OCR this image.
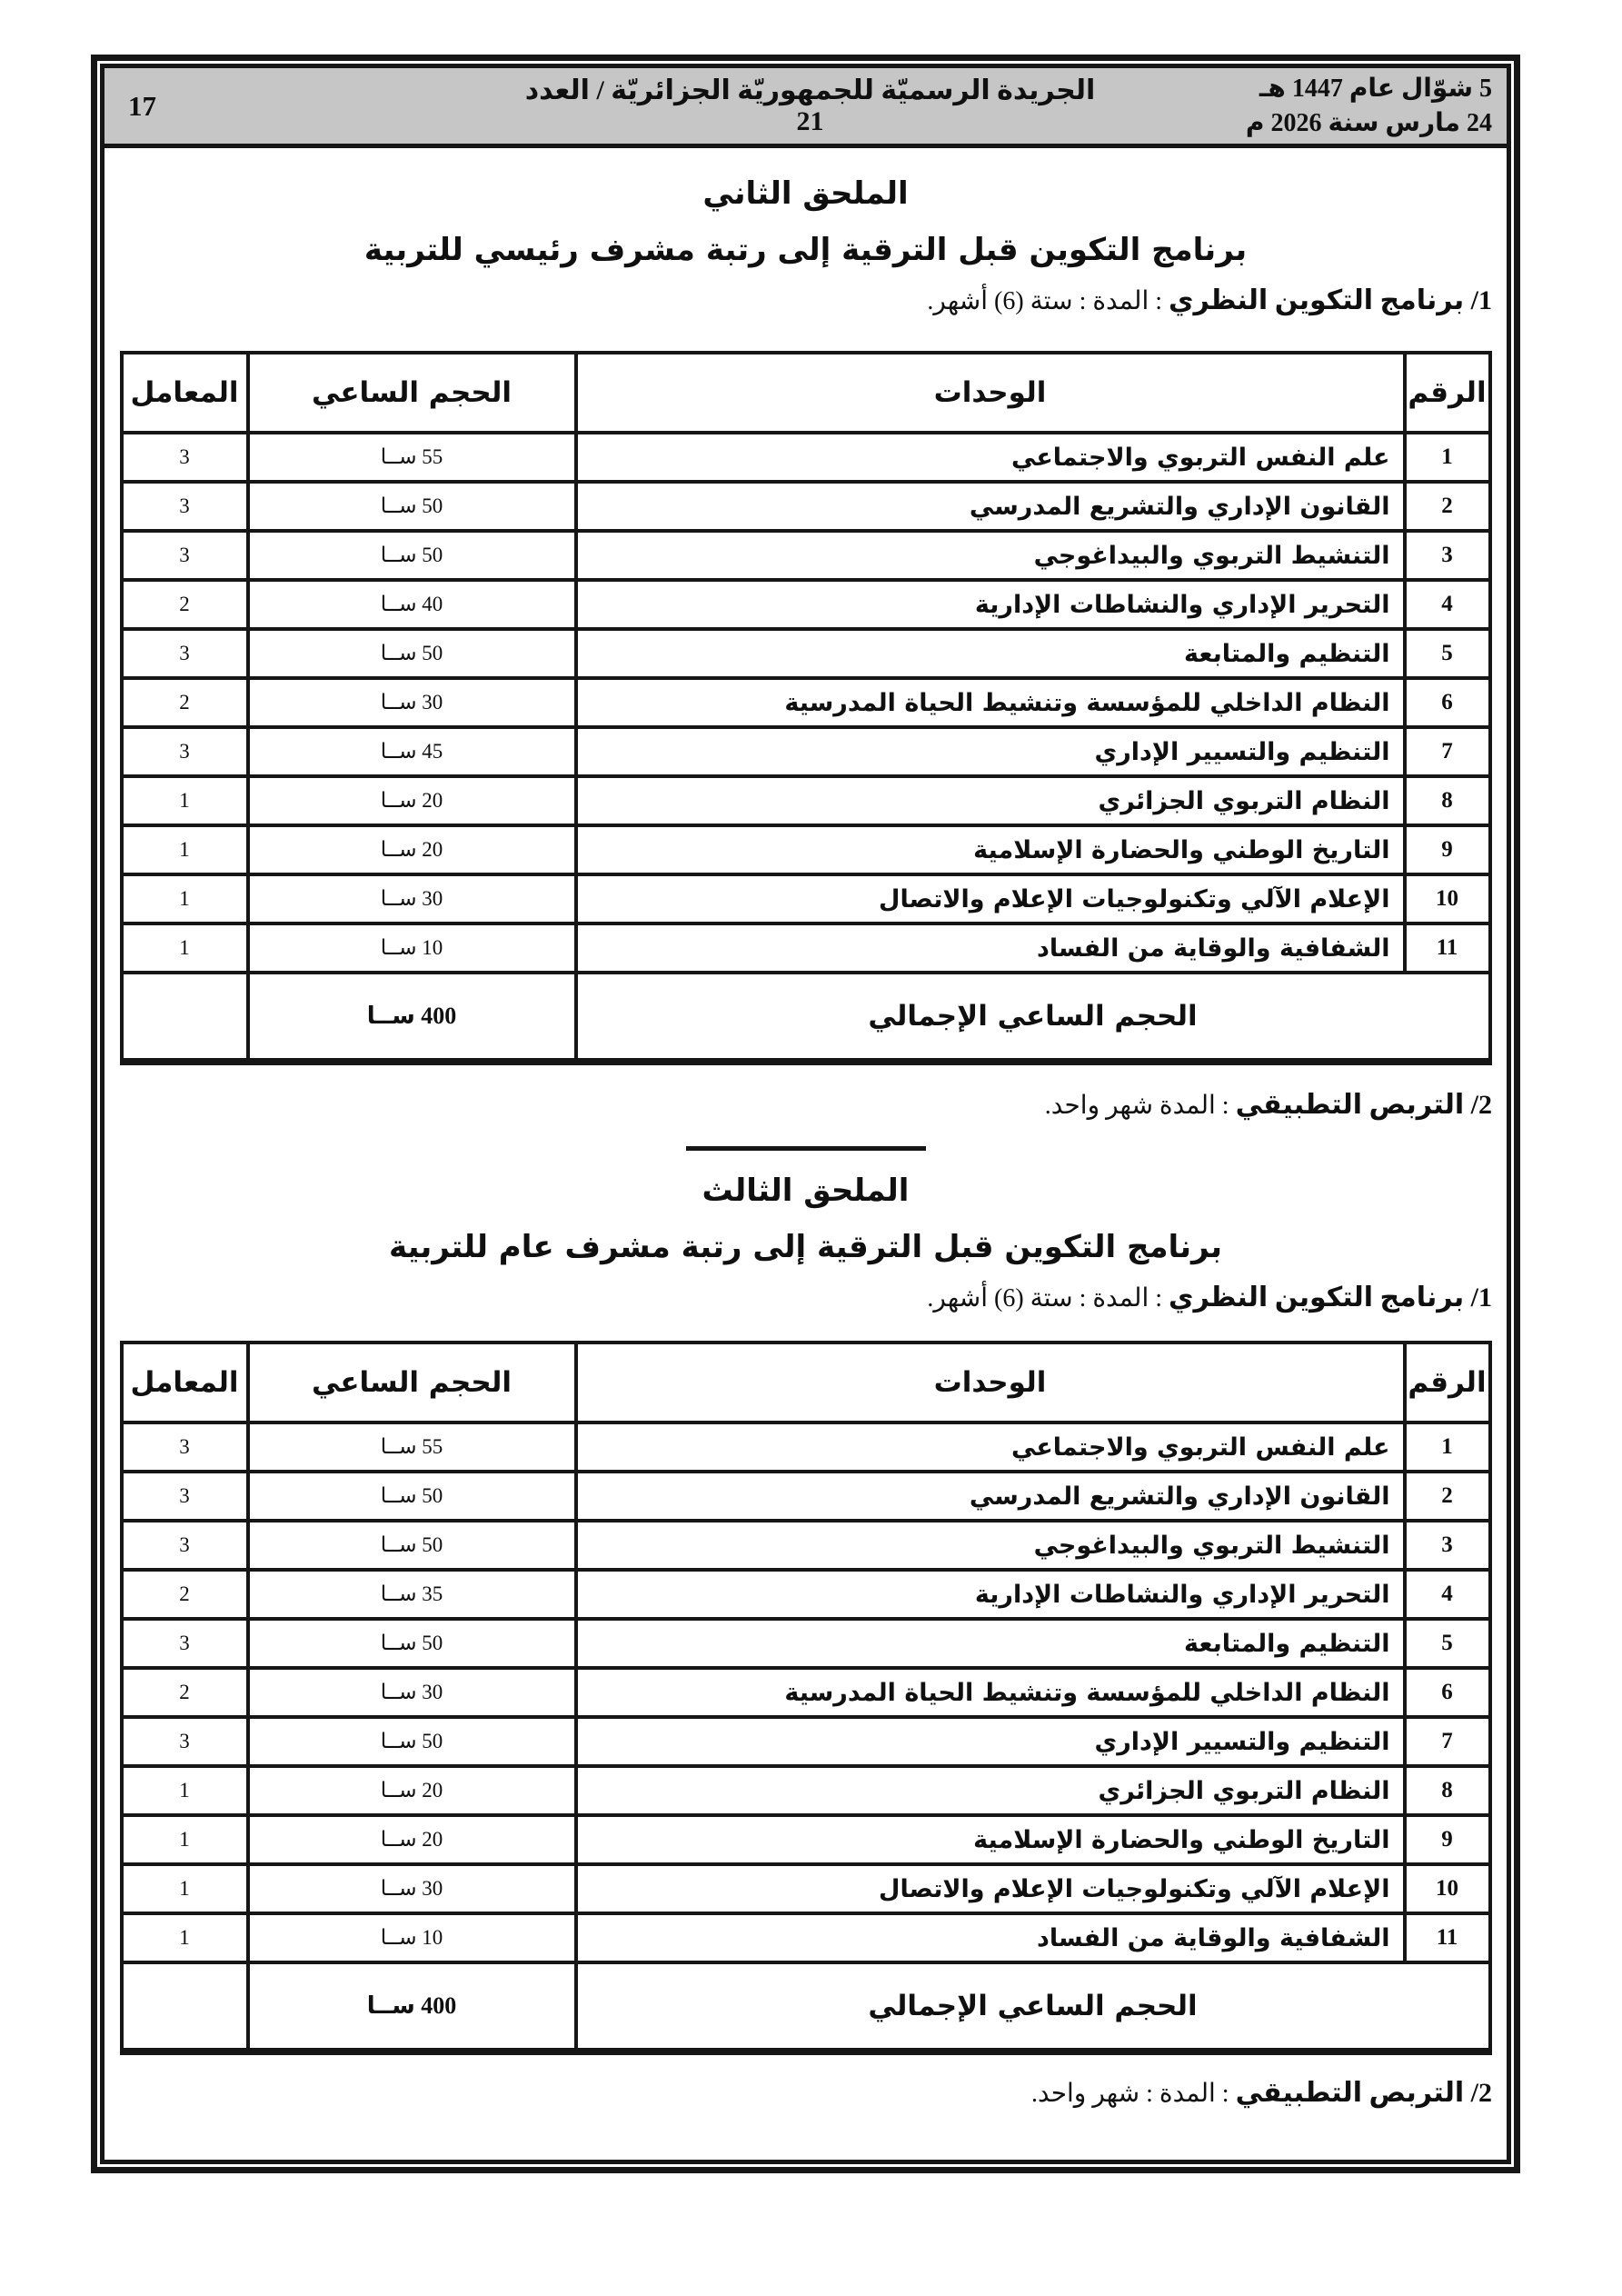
5 شوّال عام 1447 هـ
24 مارس سنة 2026 م
الجريدة الرسميّة للجمهوريّة الجزائريّة / العدد 21
17
الملحق الثاني
برنامج التكوين قبل الترقية إلى رتبة مشرف رئيسي للتربية
1/ برنامج التكوين النظري : المدة : ستة (6) أشهر.
الرقم	الوحدات	الحجم الساعي	المعامل
1	علم النفس التربوي والاجتماعي	55 ســا	3
2	القانون الإداري والتشريع المدرسي	50 ســا	3
3	التنشيط التربوي والبيداغوجي	50 ســا	3
4	التحرير الإداري والنشاطات الإدارية	40 ســا	2
5	التنظيم والمتابعة	50 ســا	3
6	النظام الداخلي للمؤسسة وتنشيط الحياة المدرسية	30 ســا	2
7	التنظيم والتسيير الإداري	45 ســا	3
8	النظام التربوي الجزائري	20 ســا	1
9	التاريخ الوطني والحضارة الإسلامية	20 ســا	1
10	الإعلام الآلي وتكنولوجيات الإعلام والاتصال	30 ســا	1
11	الشفافية والوقاية من الفساد	10 ســا	1
الحجم الساعي الإجمالي		400 ســا	
2/ التربص التطبيقي : المدة شهر واحد.
الملحق الثالث
برنامج التكوين قبل الترقية إلى رتبة مشرف عام للتربية
1/ برنامج التكوين النظري : المدة : ستة (6) أشهر.
الرقم	الوحدات	الحجم الساعي	المعامل
1	علم النفس التربوي والاجتماعي	55 ســا	3
2	القانون الإداري والتشريع المدرسي	50 ســا	3
3	التنشيط التربوي والبيداغوجي	50 ســا	3
4	التحرير الإداري والنشاطات الإدارية	35 ســا	2
5	التنظيم والمتابعة	50 ســا	3
6	النظام الداخلي للمؤسسة وتنشيط الحياة المدرسية	30 ســا	2
7	التنظيم والتسيير الإداري	50 ســا	3
8	النظام التربوي الجزائري	20 ســا	1
9	التاريخ الوطني والحضارة الإسلامية	20 ســا	1
10	الإعلام الآلي وتكنولوجيات الإعلام والاتصال	30 ســا	1
11	الشفافية والوقاية من الفساد	10 ســا	1
الحجم الساعي الإجمالي		400 ســا	
2/ التربص التطبيقي : المدة : شهر واحد.
